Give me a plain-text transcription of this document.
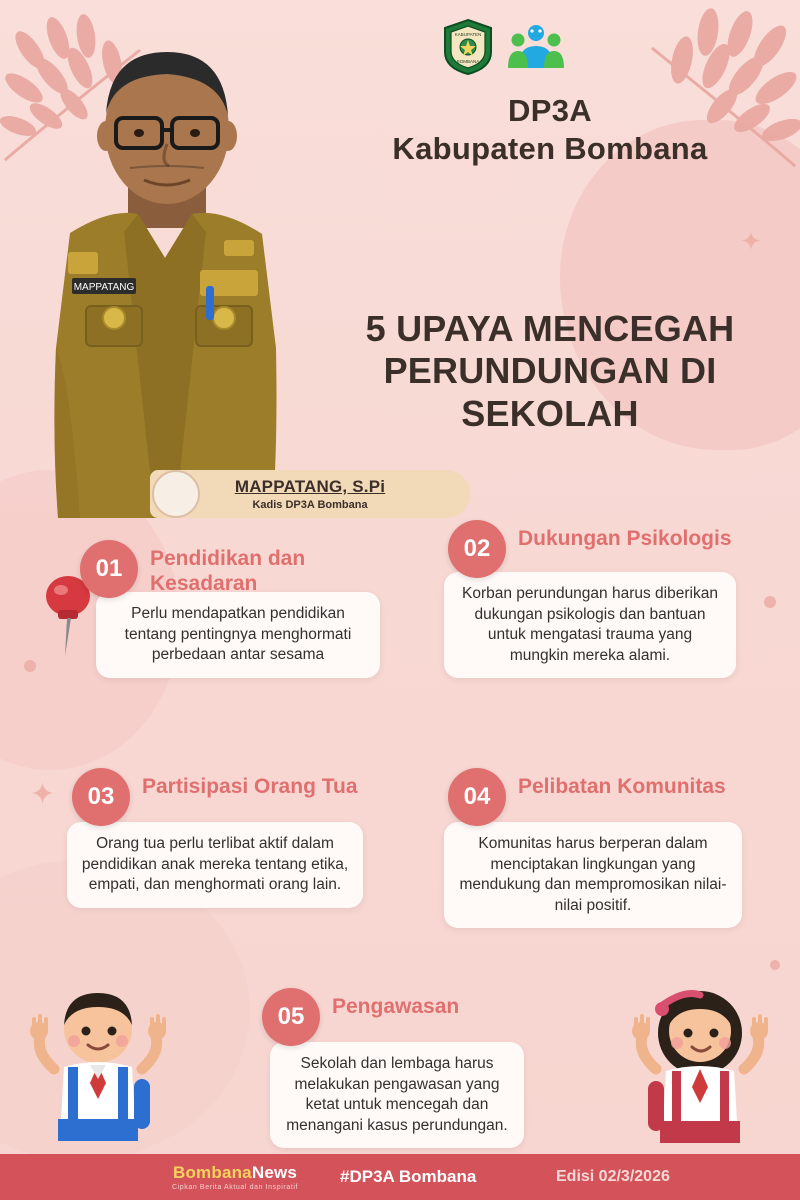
✦
✦
KABUPATEN
BOMBANA
DP3A
Kabupaten Bombana
MAPPATANG
5 UPAYA MENCEGAH PERUNDUNGAN DI SEKOLAH
MAPPATANG, S.Pi
Kadis DP3A Bombana
01	Pendidikan dan Kesadaran
Perlu mendapatkan pendidikan tentang pentingnya menghormati perbedaan antar sesama
02	Dukungan Psikologis
Korban perundungan harus diberikan dukungan psikologis dan bantuan untuk mengatasi trauma yang mungkin mereka alami.
03	Partisipasi Orang Tua
Orang tua perlu terlibat aktif dalam pendidikan anak mereka tentang etika, empati, dan menghormati orang lain.
04	Pelibatan Komunitas
Komunitas harus berperan dalam menciptakan lingkungan yang mendukung dan mempromosikan nilai-nilai positif.
05	Pengawasan
Sekolah dan lembaga harus melakukan pengawasan yang ketat untuk mencegah dan menangani kasus perundungan.
BombanaNews
Cipkan Berita Aktual dan Inspiratif
#DP3A Bombana	Edisi 02/3/2026
